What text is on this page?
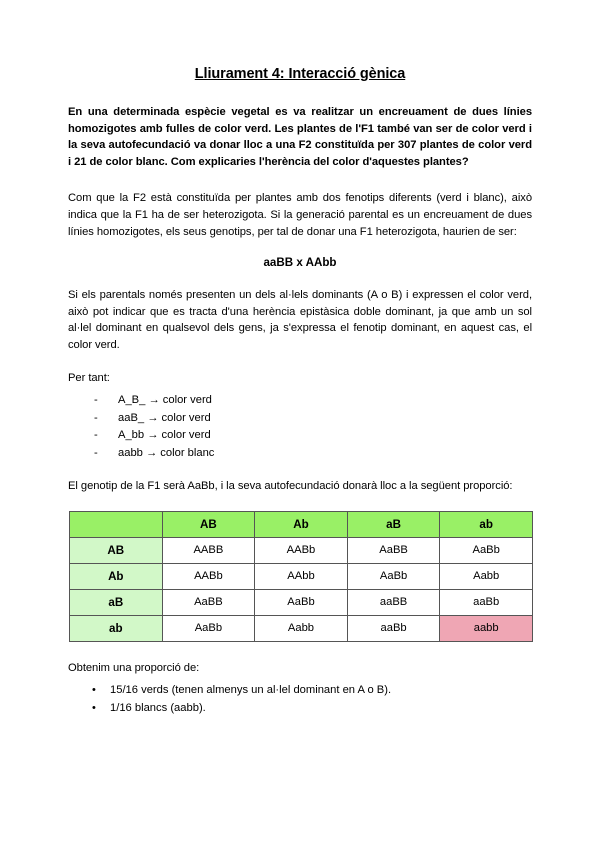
Lliurament 4: Interacció gènica

En una determinada espècie vegetal es va realitzar un encreuament de dues línies homozigotes amb fulles de color verd. Les plantes de l'F1 també van ser de color verd i la seva autofecundació va donar lloc a una F2 constituïda per 307 plantes de color verd i 21 de color blanc. Com explicaries l'herència del color d'aquestes plantes?

Com que la F2 està constituïda per plantes amb dos fenotips diferents (verd i blanc), això indica que la F1 ha de ser heterozigota. Si la generació parental es un encreuament de dues línies homozigotes, els seus genotips, per tal de donar una F1 heterozigota, haurien de ser:

aaBB x AAbb

Si els parentals només presenten un dels al·lels dominants (A o B) i expressen el color verd, això pot indicar que es tracta d'una herència epistàsica doble dominant, ja que amb un sol al·lel dominant en qualsevol dels gens, ja s'expressa el fenotip dominant, en aquest cas, el color verd.

Per tant:

- A_B_ → color verd
- aaB_ → color verd
- A_bb → color verd
- aabb → color blanc

El genotip de la F1 serà AaBb, i la seva autofecundació donarà lloc a la següent proporció:

	AB	Ab	aB	ab
AB	AABB	AABb	AaBB	AaBb
Ab	AABb	AAbb	AaBb	Aabb
aB	AaBB	AaBb	aaBB	aaBb
ab	AaBb	Aabb	aaBb	aabb

Obtenim una proporció de:

• 15/16 verds (tenen almenys un al·lel dominant en A o B).
• 1/16 blancs (aabb).
